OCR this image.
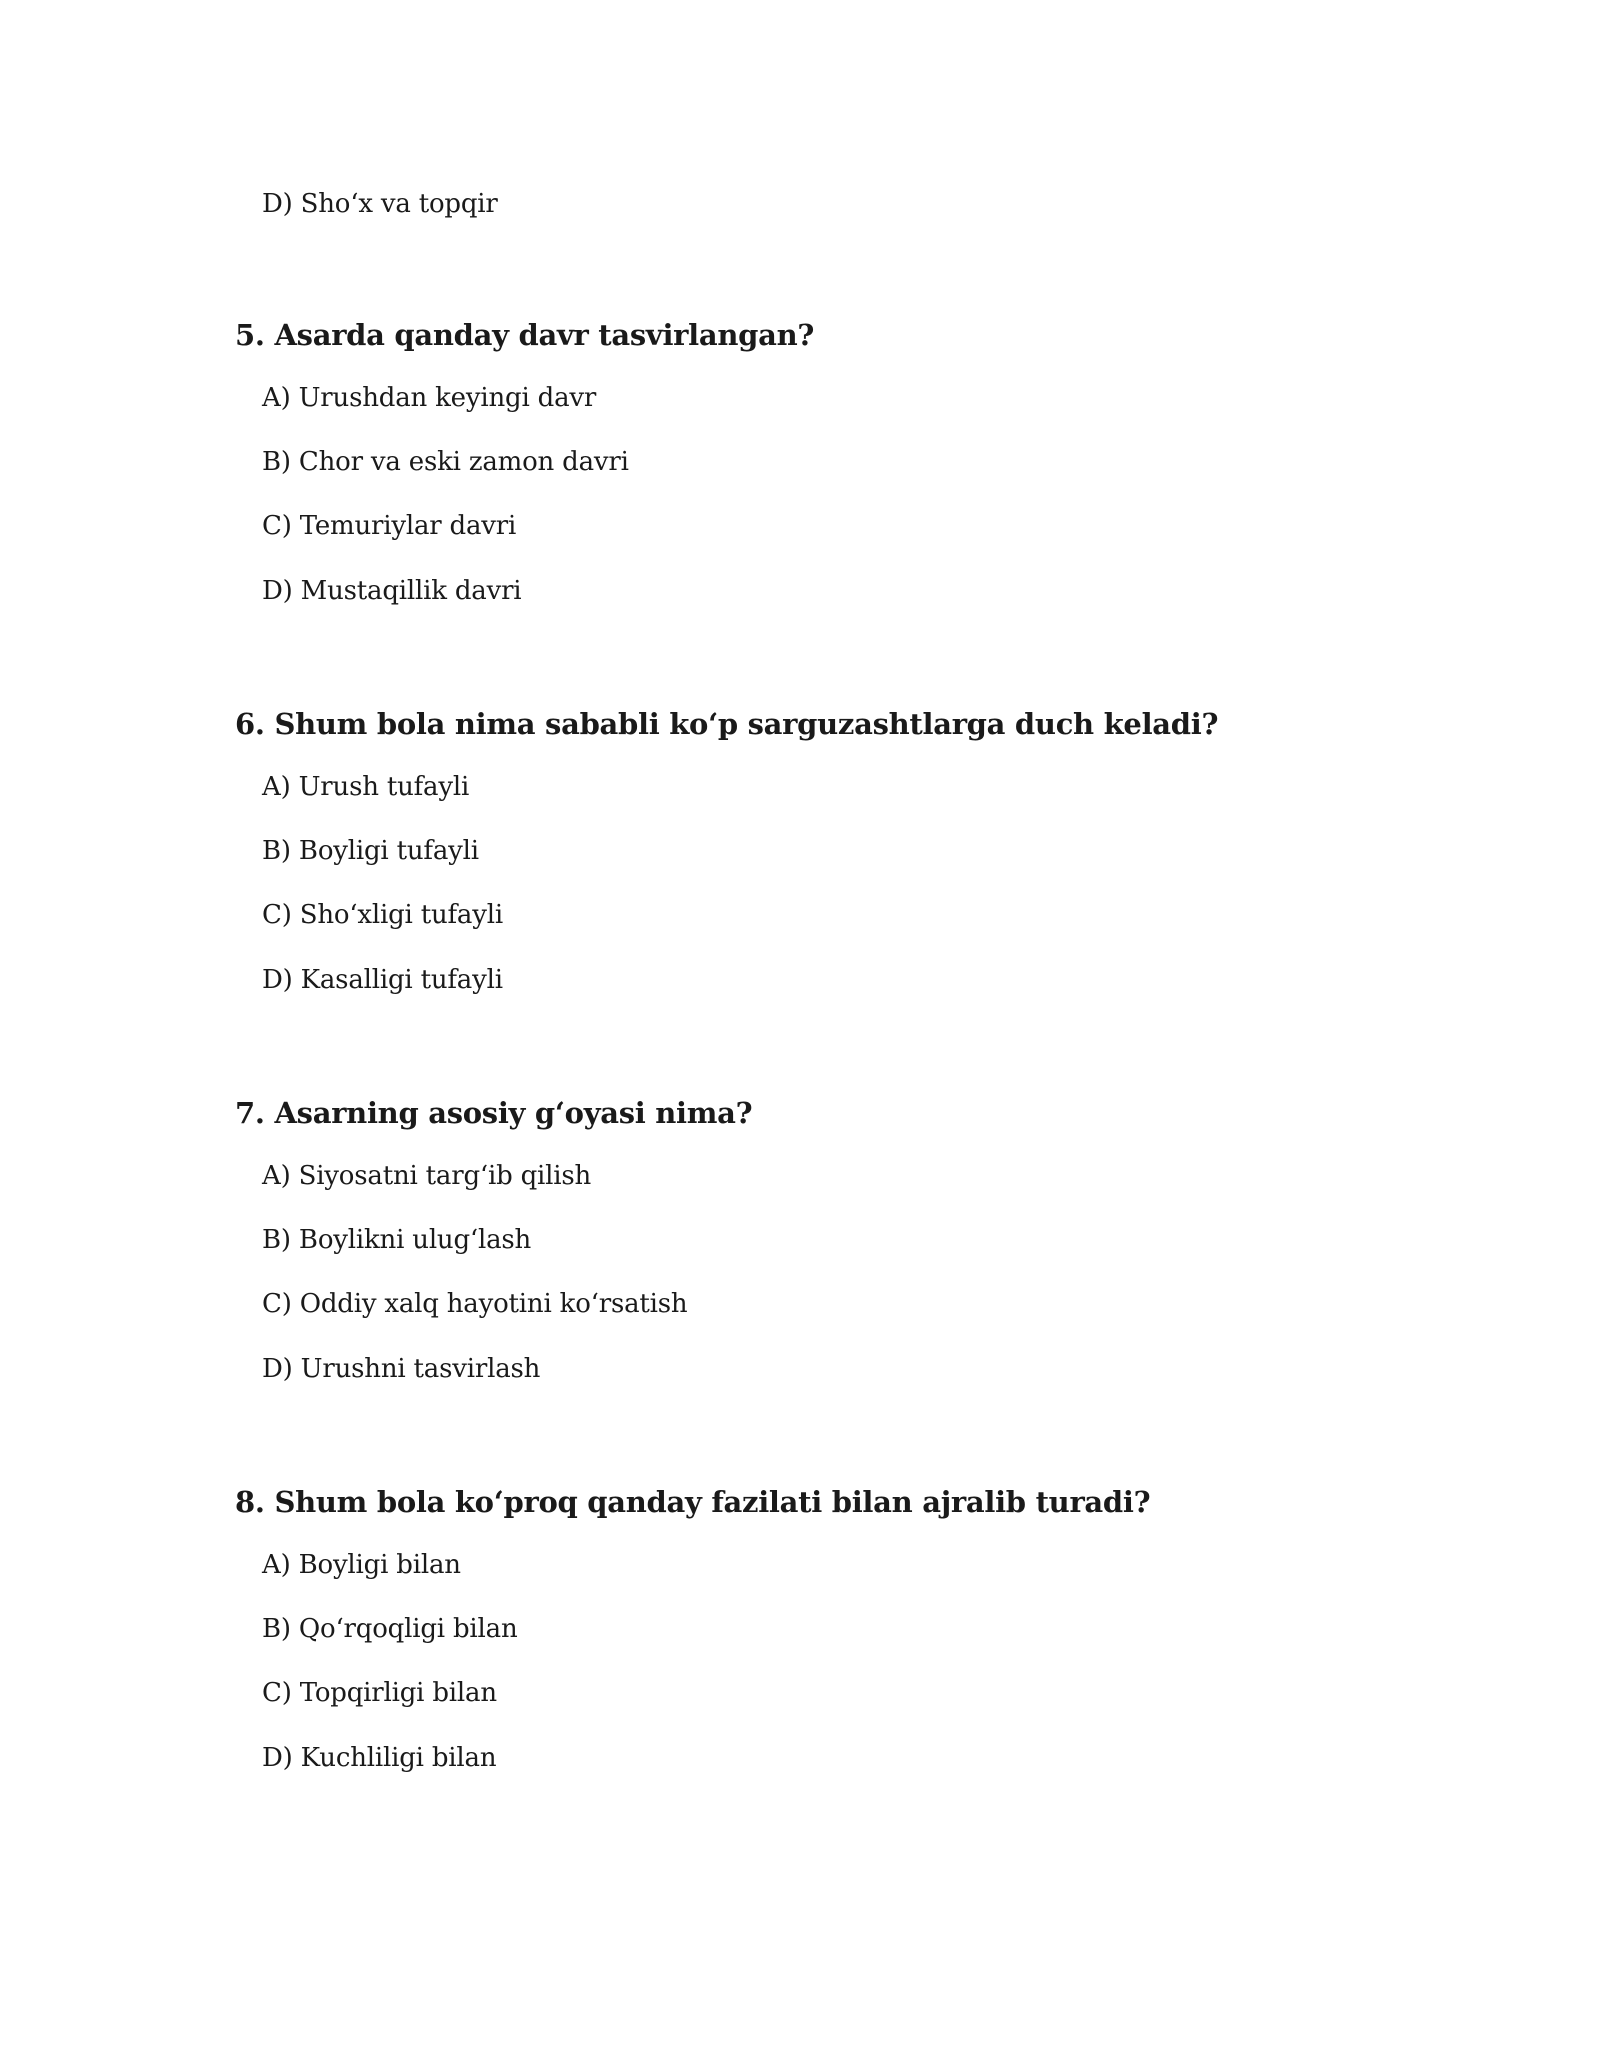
D) Sho‘x va topqir
5. Asarda qanday davr tasvirlangan?
A) Urushdan keyingi davr
B) Chor va eski zamon davri
C) Temuriylar davri
D) Mustaqillik davri
6. Shum bola nima sababli ko‘p sarguzashtlarga duch keladi?
A) Urush tufayli
B) Boyligi tufayli
C) Sho‘xligi tufayli
D) Kasalligi tufayli
7. Asarning asosiy g‘oyasi nima?
A) Siyosatni targ‘ib qilish
B) Boylikni ulug‘lash
C) Oddiy xalq hayotini ko‘rsatish
D) Urushni tasvirlash
8. Shum bola ko‘proq qanday fazilati bilan ajralib turadi?
A) Boyligi bilan
B) Qo‘rqoqligi bilan
C) Topqirligi bilan
D) Kuchliligi bilan
